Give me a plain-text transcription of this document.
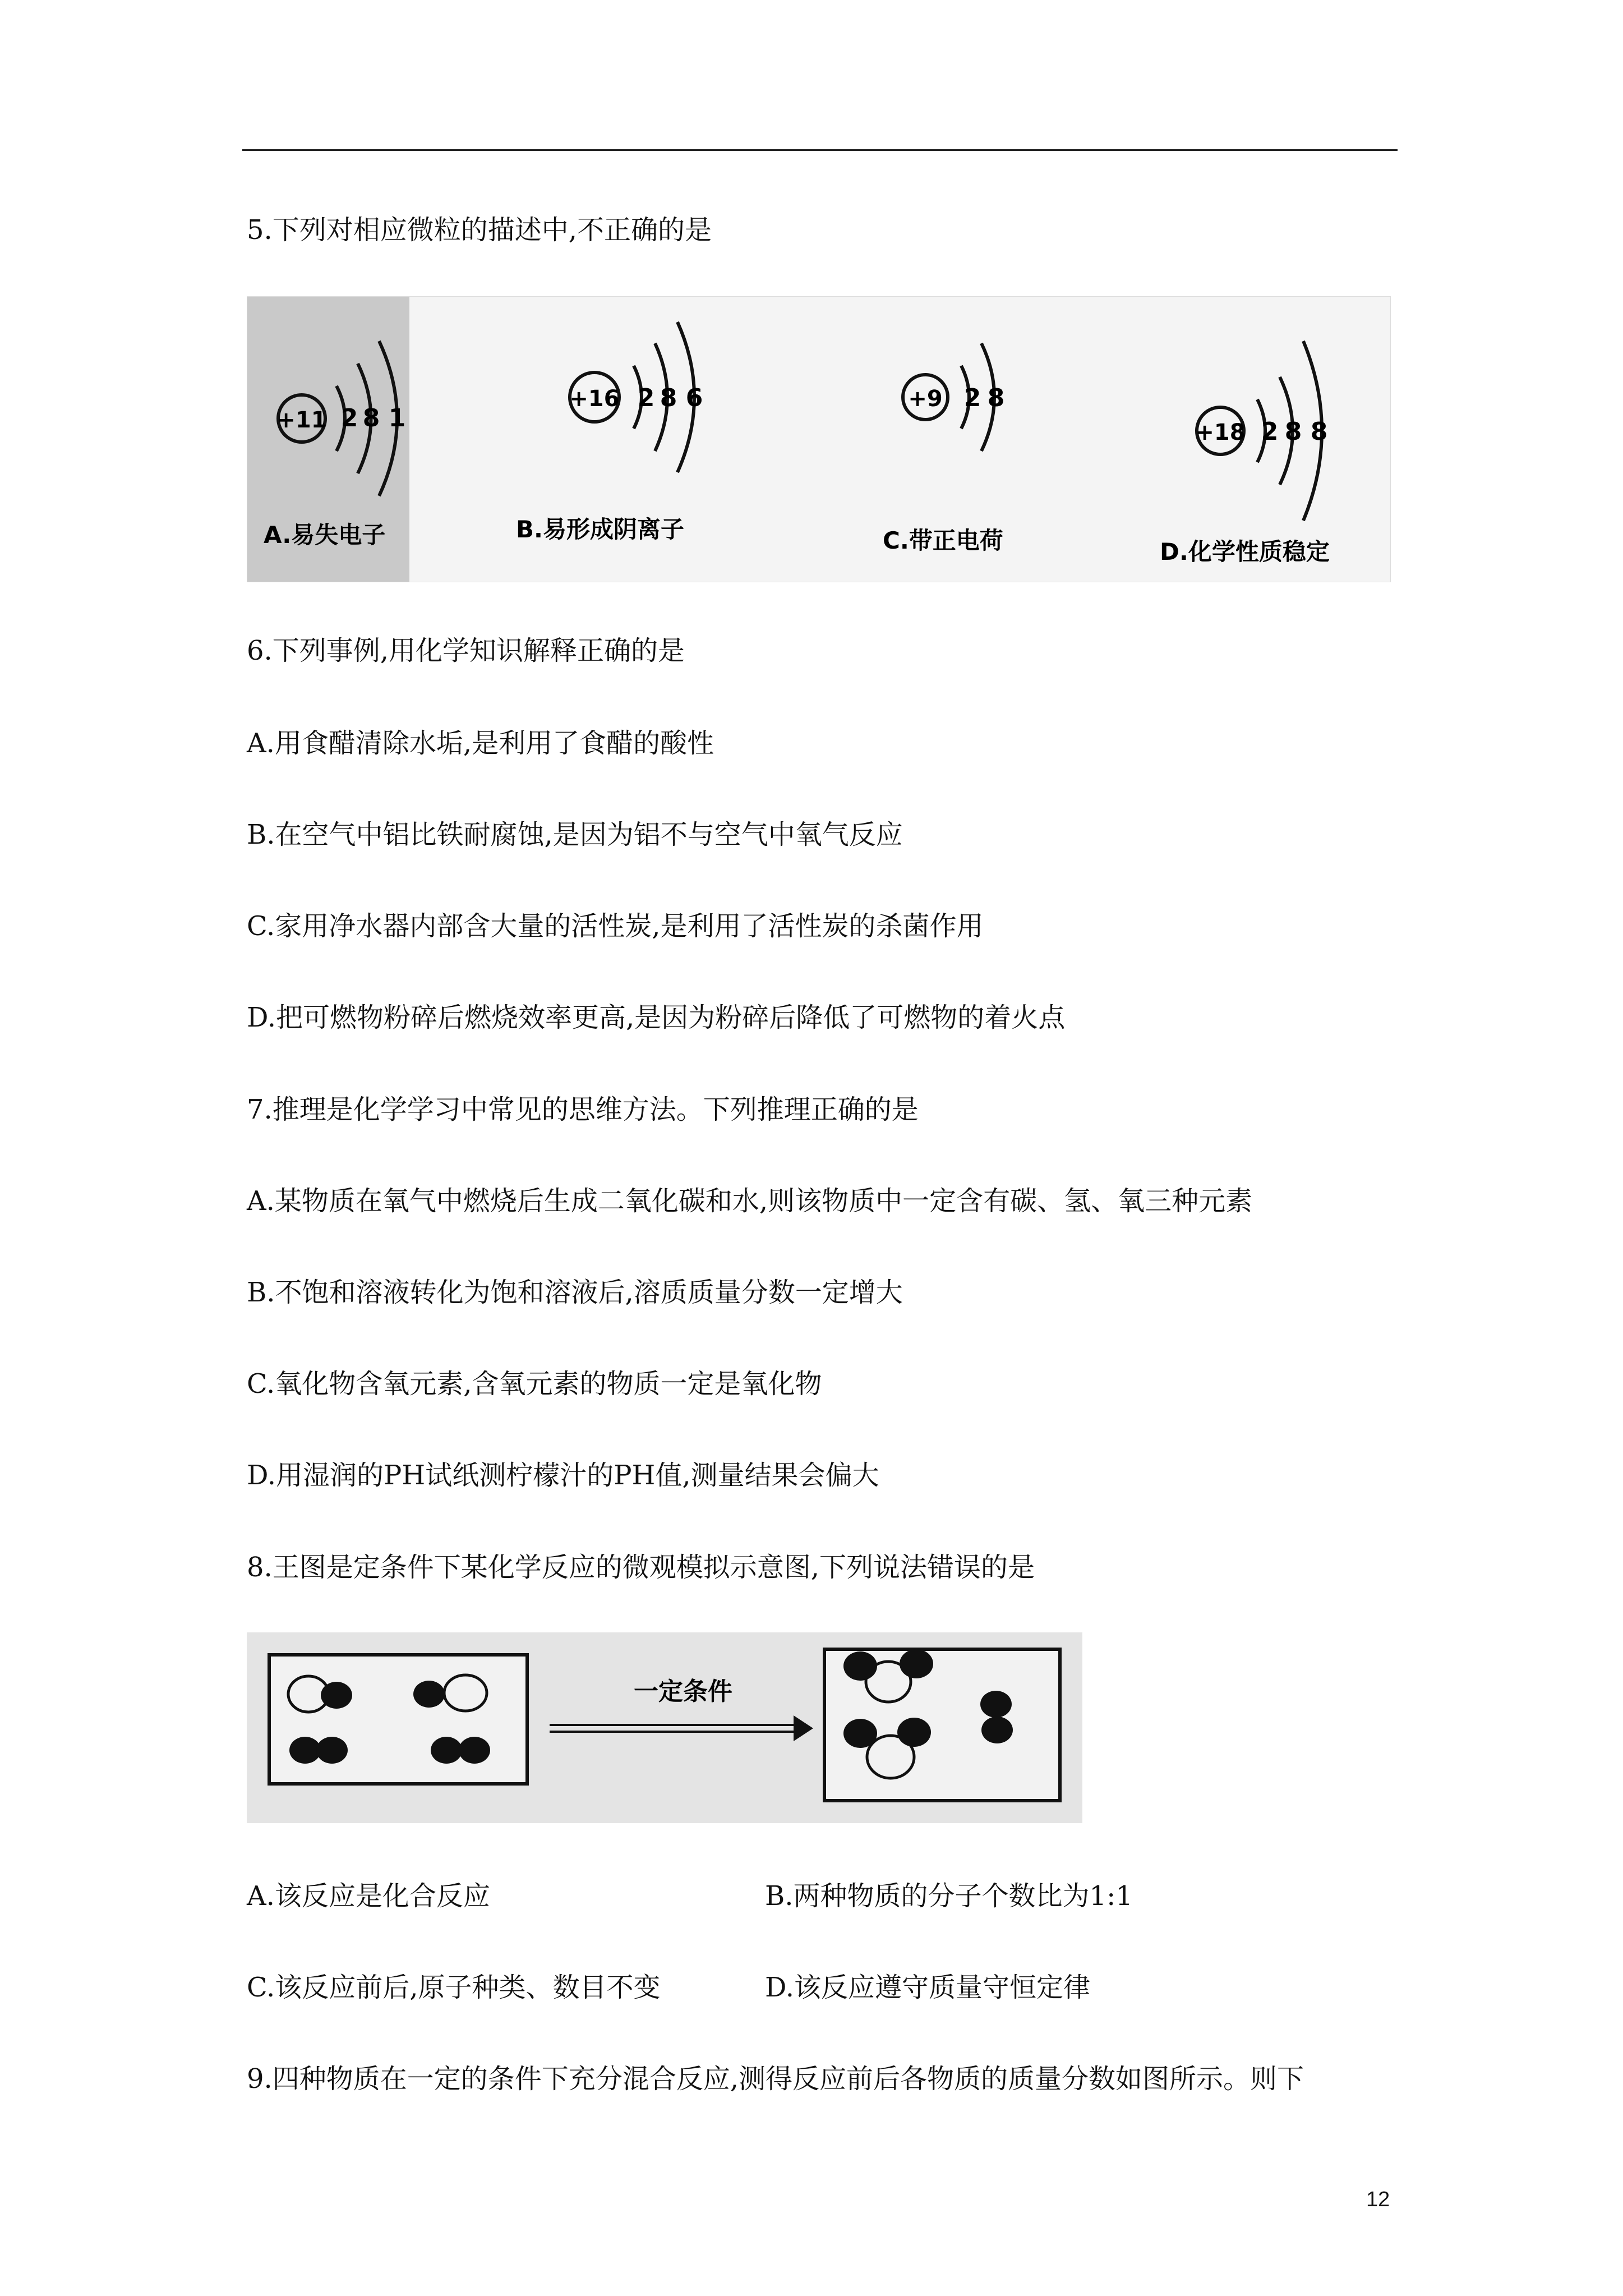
5.下列对相应微粒的描述中,不正确的是
+11 2 8 1
A.易失电子
+16 2 8 6
B.易形成阴离子
+9 2 8
C.带正电荷
+18 2 8 8
D.化学性质稳定
6.下列事例,用化学知识解释正确的是
A.用食醋清除水垢,是利用了食醋的酸性
B.在空气中铝比铁耐腐蚀,是因为铝不与空气中氧气反应
C.家用净水器内部含大量的活性炭,是利用了活性炭的杀菌作用
D.把可燃物粉碎后燃烧效率更高,是因为粉碎后降低了可燃物的着火点
7.推理是化学学习中常见的思维方法。下列推理正确的是
A.某物质在氧气中燃烧后生成二氧化碳和水,则该物质中一定含有碳、氢、氧三种元素
B.不饱和溶液转化为饱和溶液后,溶质质量分数一定增大
C.氧化物含氧元素,含氧元素的物质一定是氧化物
D.用湿润的PH试纸测柠檬汁的PH值,测量结果会偏大
8.王图是定条件下某化学反应的微观模拟示意图,下列说法错误的是
一定条件
A.该反应是化合反应	B.两种物质的分子个数比为1:1
C.该反应前后,原子种类、数目不变	D.该反应遵守质量守恒定律
9.四种物质在一定的条件下充分混合反应,测得反应前后各物质的质量分数如图所示。则下
12
